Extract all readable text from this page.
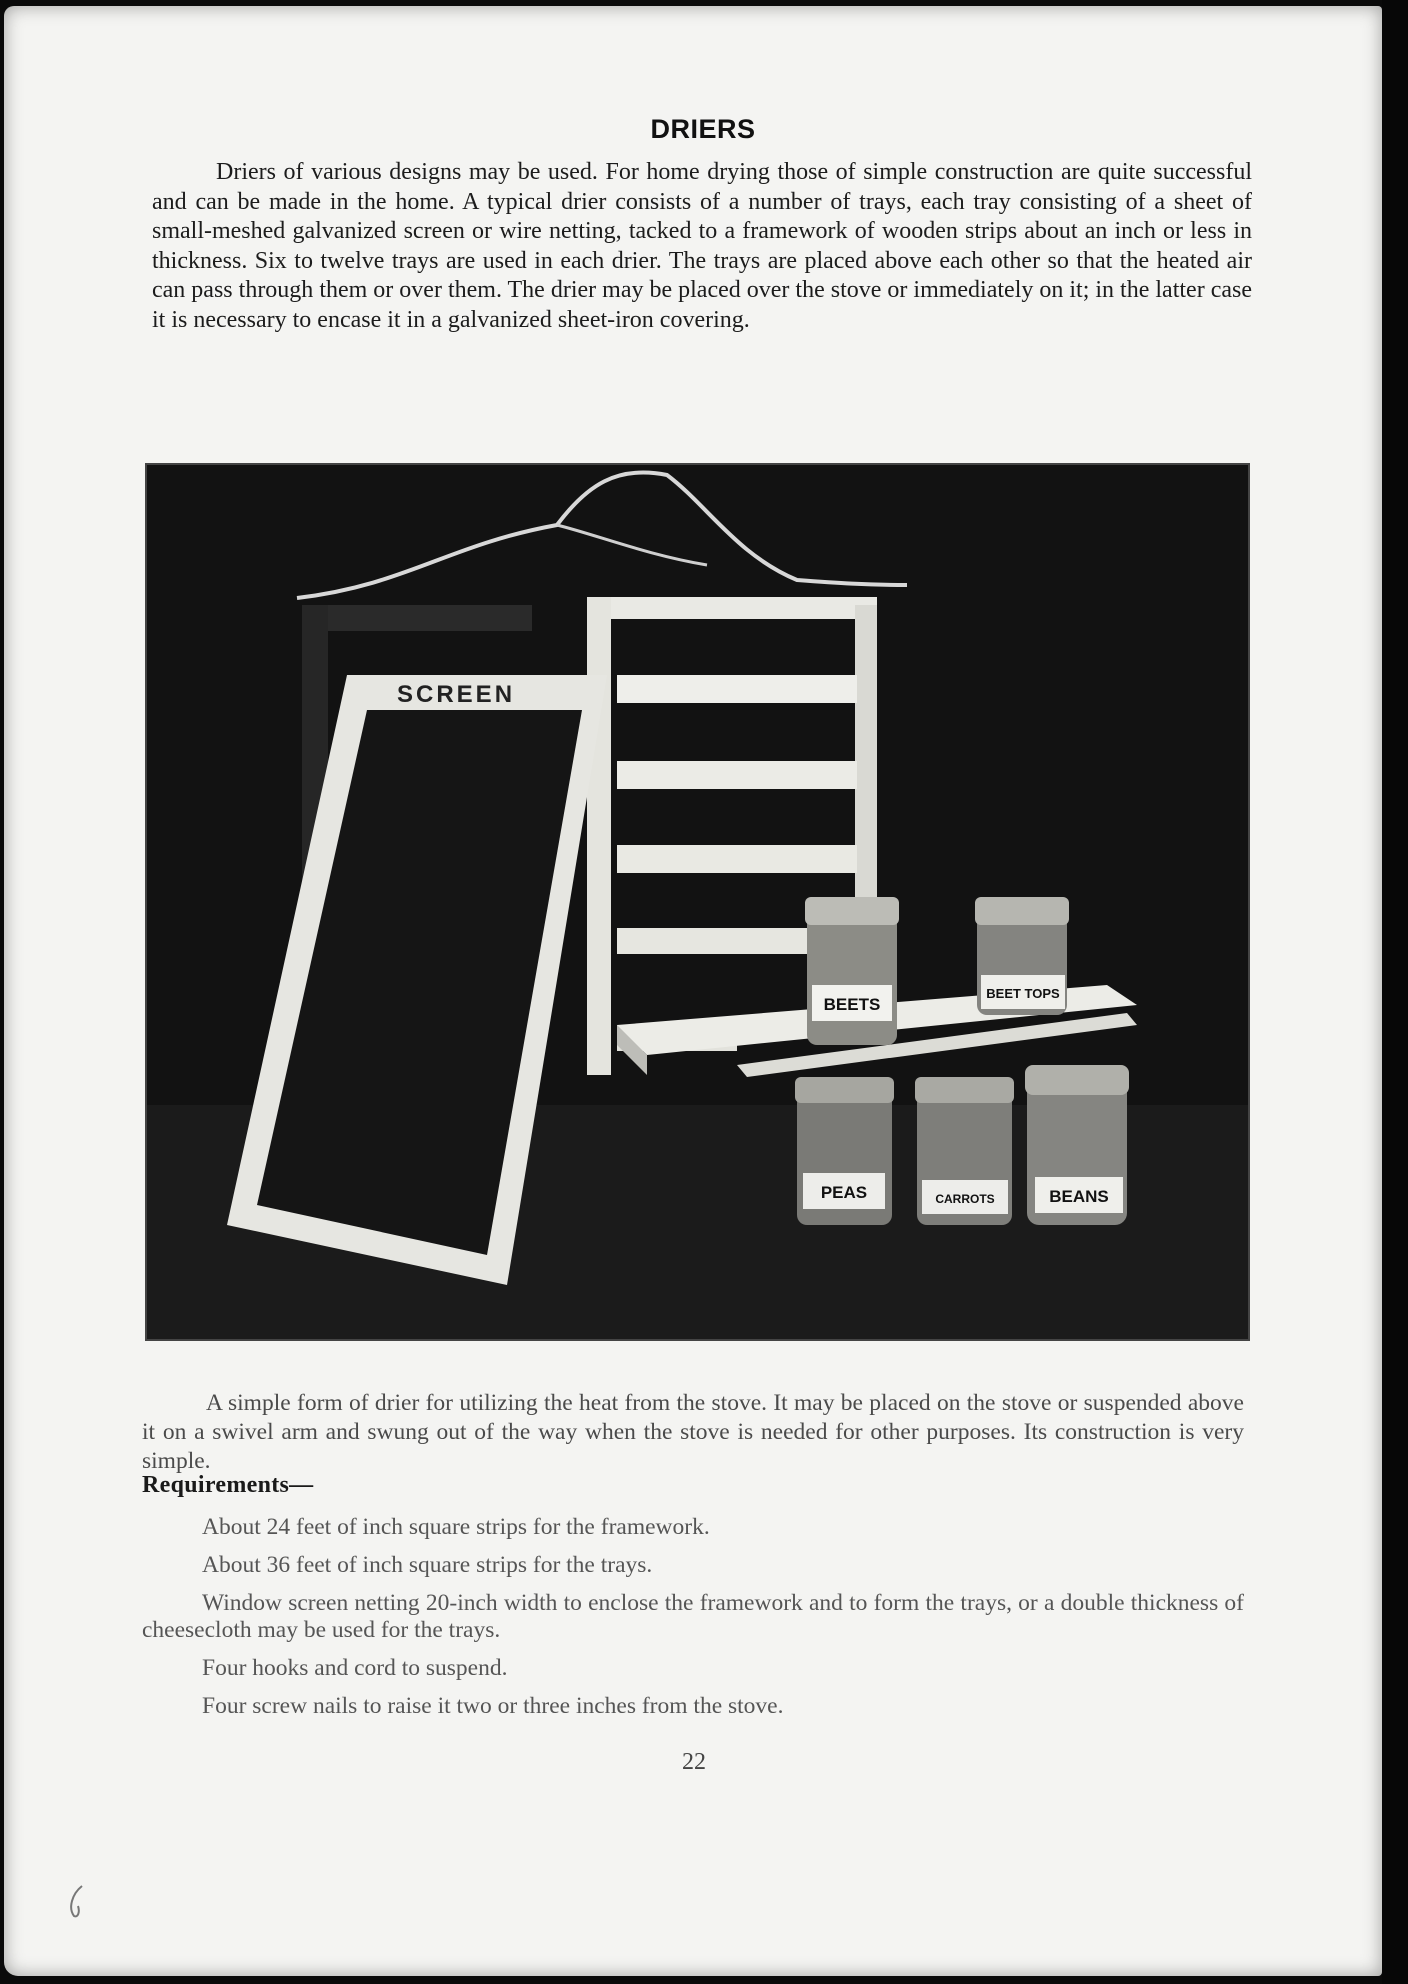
DRIERS

Driers of various designs may be used. For home drying those of simple construction are quite successful and can be made in the home. A typical drier consists of a number of trays, each tray consisting of a sheet of small-meshed galvanized screen or wire netting, tacked to a framework of wooden strips about an inch or less in thickness. Six to twelve trays are used in each drier. The trays are placed above each other so that the heated air can pass through them or over them. The drier may be placed over the stove or immediately on it; in the latter case it is necessary to encase it in a galvanized sheet-iron covering.

SCREEN
BEETS
BEET TOPS
PEAS	CARROTS	BEANS

A simple form of drier for utilizing the heat from the stove. It may be placed on the stove or suspended above it on a swivel arm and swung out of the way when the stove is needed for other purposes. Its construction is very simple.

Requirements—

About 24 feet of inch square strips for the framework.
About 36 feet of inch square strips for the trays.
Window screen netting 20-inch width to enclose the framework and to form the trays, or a double thickness of cheesecloth may be used for the trays.
Four hooks and cord to suspend.
Four screw nails to raise it two or three inches from the stove.

22
